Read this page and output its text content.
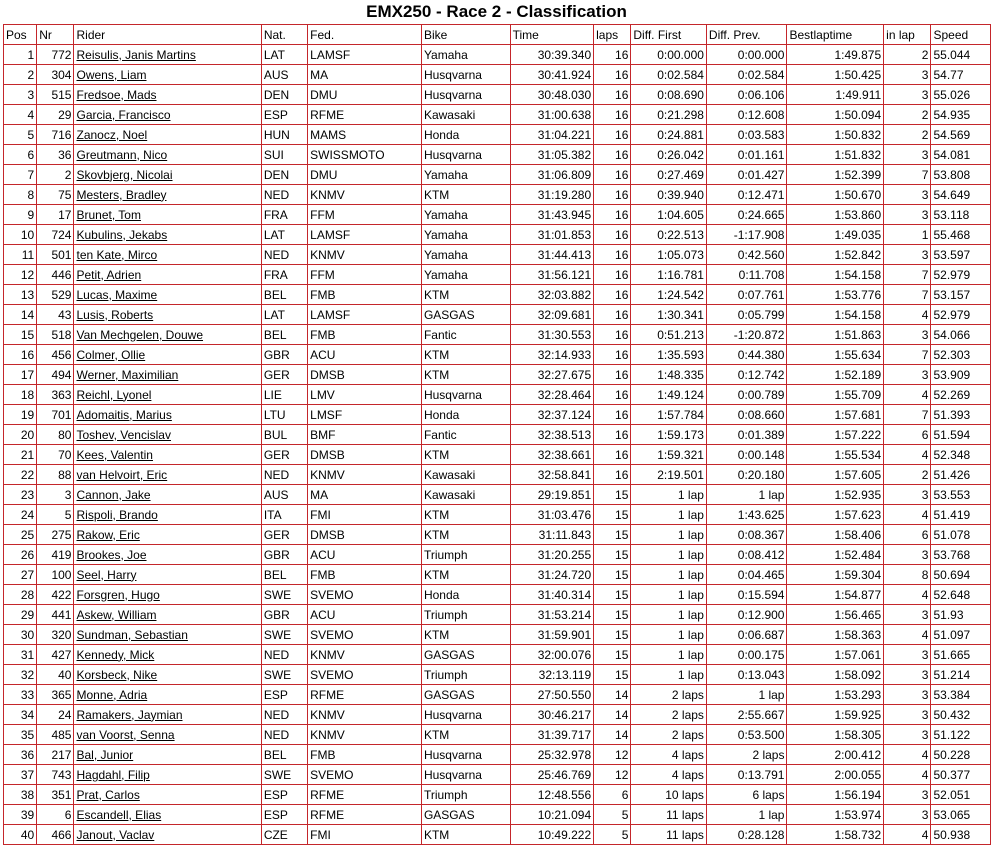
EMX250 - Race 2 - Classification
Pos	Nr	Rider	Nat.	Fed.	Bike	Time	laps	Diff. First	Diff. Prev.	Bestlaptime	in lap	Speed
1	772	Reisulis, Janis Martins	LAT	LAMSF	Yamaha	30:39.340	16	0:00.000	0:00.000	1:49.875	2	55.044
2	304	Owens, Liam	AUS	MA	Husqvarna	30:41.924	16	0:02.584	0:02.584	1:50.425	3	54.77
3	515	Fredsoe, Mads	DEN	DMU	Husqvarna	30:48.030	16	0:08.690	0:06.106	1:49.911	3	55.026
4	29	Garcia, Francisco	ESP	RFME	Kawasaki	31:00.638	16	0:21.298	0:12.608	1:50.094	2	54.935
5	716	Zanocz, Noel	HUN	MAMS	Honda	31:04.221	16	0:24.881	0:03.583	1:50.832	2	54.569
6	36	Greutmann, Nico	SUI	SWISSMOTO	Husqvarna	31:05.382	16	0:26.042	0:01.161	1:51.832	3	54.081
7	2	Skovbjerg, Nicolai	DEN	DMU	Yamaha	31:06.809	16	0:27.469	0:01.427	1:52.399	7	53.808
8	75	Mesters, Bradley	NED	KNMV	KTM	31:19.280	16	0:39.940	0:12.471	1:50.670	3	54.649
9	17	Brunet, Tom	FRA	FFM	Yamaha	31:43.945	16	1:04.605	0:24.665	1:53.860	3	53.118
10	724	Kubulins, Jekabs	LAT	LAMSF	Yamaha	31:01.853	16	0:22.513	-1:17.908	1:49.035	1	55.468
11	501	ten Kate, Mirco	NED	KNMV	Yamaha	31:44.413	16	1:05.073	0:42.560	1:52.842	3	53.597
12	446	Petit, Adrien	FRA	FFM	Yamaha	31:56.121	16	1:16.781	0:11.708	1:54.158	7	52.979
13	529	Lucas, Maxime	BEL	FMB	KTM	32:03.882	16	1:24.542	0:07.761	1:53.776	7	53.157
14	43	Lusis, Roberts	LAT	LAMSF	GASGAS	32:09.681	16	1:30.341	0:05.799	1:54.158	4	52.979
15	518	Van Mechgelen, Douwe	BEL	FMB	Fantic	31:30.553	16	0:51.213	-1:20.872	1:51.863	3	54.066
16	456	Colmer, Ollie	GBR	ACU	KTM	32:14.933	16	1:35.593	0:44.380	1:55.634	7	52.303
17	494	Werner, Maximilian	GER	DMSB	KTM	32:27.675	16	1:48.335	0:12.742	1:52.189	3	53.909
18	363	Reichl, Lyonel	LIE	LMV	Husqvarna	32:28.464	16	1:49.124	0:00.789	1:55.709	4	52.269
19	701	Adomaitis, Marius	LTU	LMSF	Honda	32:37.124	16	1:57.784	0:08.660	1:57.681	7	51.393
20	80	Toshev, Vencislav	BUL	BMF	Fantic	32:38.513	16	1:59.173	0:01.389	1:57.222	6	51.594
21	70	Kees, Valentin	GER	DMSB	KTM	32:38.661	16	1:59.321	0:00.148	1:55.534	4	52.348
22	88	van Helvoirt, Eric	NED	KNMV	Kawasaki	32:58.841	16	2:19.501	0:20.180	1:57.605	2	51.426
23	3	Cannon, Jake	AUS	MA	Kawasaki	29:19.851	15	1 lap	1 lap	1:52.935	3	53.553
24	5	Rispoli, Brando	ITA	FMI	KTM	31:03.476	15	1 lap	1:43.625	1:57.623	4	51.419
25	275	Rakow, Eric	GER	DMSB	KTM	31:11.843	15	1 lap	0:08.367	1:58.406	6	51.078
26	419	Brookes, Joe	GBR	ACU	Triumph	31:20.255	15	1 lap	0:08.412	1:52.484	3	53.768
27	100	Seel, Harry	BEL	FMB	KTM	31:24.720	15	1 lap	0:04.465	1:59.304	8	50.694
28	422	Forsgren, Hugo	SWE	SVEMO	Honda	31:40.314	15	1 lap	0:15.594	1:54.877	4	52.648
29	441	Askew, William	GBR	ACU	Triumph	31:53.214	15	1 lap	0:12.900	1:56.465	3	51.93
30	320	Sundman, Sebastian	SWE	SVEMO	KTM	31:59.901	15	1 lap	0:06.687	1:58.363	4	51.097
31	427	Kennedy, Mick	NED	KNMV	GASGAS	32:00.076	15	1 lap	0:00.175	1:57.061	3	51.665
32	40	Korsbeck, Nike	SWE	SVEMO	Triumph	32:13.119	15	1 lap	0:13.043	1:58.092	3	51.214
33	365	Monne, Adria	ESP	RFME	GASGAS	27:50.550	14	2 laps	1 lap	1:53.293	3	53.384
34	24	Ramakers, Jaymian	NED	KNMV	Husqvarna	30:46.217	14	2 laps	2:55.667	1:59.925	3	50.432
35	485	van Voorst, Senna	NED	KNMV	KTM	31:39.717	14	2 laps	0:53.500	1:58.305	3	51.122
36	217	Bal, Junior	BEL	FMB	Husqvarna	25:32.978	12	4 laps	2 laps	2:00.412	4	50.228
37	743	Hagdahl, Filip	SWE	SVEMO	Husqvarna	25:46.769	12	4 laps	0:13.791	2:00.055	4	50.377
38	351	Prat, Carlos	ESP	RFME	Triumph	12:48.556	6	10 laps	6 laps	1:56.194	3	52.051
39	6	Escandell, Elias	ESP	RFME	GASGAS	10:21.094	5	11 laps	1 lap	1:53.974	3	53.065
40	466	Janout, Vaclav	CZE	FMI	KTM	10:49.222	5	11 laps	0:28.128	1:58.732	4	50.938
